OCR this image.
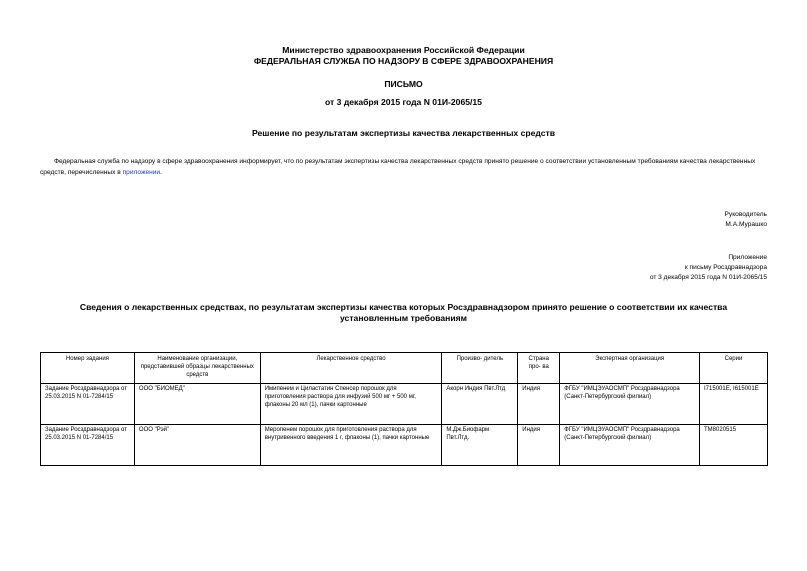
Министерство здравоохранения Российской Федерации
ФЕДЕРАЛЬНАЯ СЛУЖБА ПО НАДЗОРУ В СФЕРЕ ЗДРАВООХРАНЕНИЯ
ПИСЬМО
от 3 декабря 2015 года N 01И-2065/15
Решение по результатам экспертизы качества лекарственных средств
Федеральная служба по надзору в сфере здравоохранения информирует, что по результатам экспертизы качества лекарственных средств принято решение о соответствии установленным требованиям качества лекарственных средств, перечисленных в приложении.
Руководитель
М.А.Мурашко
Приложение
к письму Росздравнадзора
от 3 декабря 2015 года N 01И-2065/15
Сведения о лекарственных средствах, по результатам экспертизы качества которых Росздравнадзором принято решение о соответствии их качества установленным требованиям
Номер задания	Наименование организации, представившей образцы лекарственных средств	Лекарственное средство	Произво- дитель	Страна про- ва	Экспертная организация	Серии
Задание Росздравнадзора от 25.03.2015 N 01-7284/15	ООО "БИОМЕД"	Имипенем и Циластатин Спенсер порошок для приготовления раствора для инфузий 500 мг + 500 мг, флаконы 20 мл (1), пачки картонные	Акорн Индия Пвт.Лтд	Индия	ФГБУ "ИМЦЭУАОСМП" Росздравнадзора (Санкт-Петербургский филиал)	I715001E, I615001E
Задание Росздравнадзора от 25.03.2015 N 01-7284/15	ООО "Рэй"	Меропенем порошок для приготовления раствора для внутривенного введения 1 г, флаконы (1), пачки картонные	М.Дж.Биофарм Пвт.Лтд.	Индия	ФГБУ "ИМЦЭУАОСМП" Росздравнадзора (Санкт-Петербургский филиал)	TM8020515
